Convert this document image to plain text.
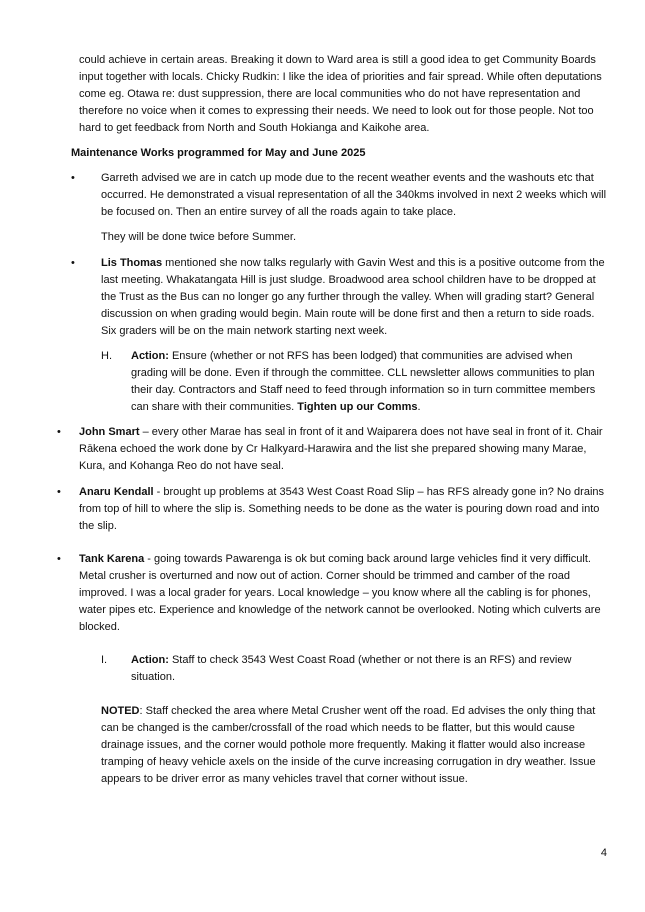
could achieve in certain areas. Breaking it down to Ward area is still a good idea to get Community Boards input together with locals. Chicky Rudkin: I like the idea of priorities and fair spread. While often deputations come eg. Otawa re: dust suppression, there are local communities who do not have representation and therefore no voice when it comes to expressing their needs. We need to look out for those people. Not too hard to get feedback from North and South Hokianga and Kaikohe area.

Maintenance Works programmed for May and June 2025

• Garreth advised we are in catch up mode due to the recent weather events and the washouts etc that occurred. He demonstrated a visual representation of all the 340kms involved in next 2 weeks which will be focused on. Then an entire survey of all the roads again to take place.

They will be done twice before Summer.

• Lis Thomas mentioned she now talks regularly with Gavin West and this is a positive outcome from the last meeting. Whakatangata Hill is just sludge. Broadwood area school children have to be dropped at the Trust as the Bus can no longer go any further through the valley. When will grading start? General discussion on when grading would begin. Main route will be done first and then a return to side roads. Six graders will be on the main network starting next week.

H. Action: Ensure (whether or not RFS has been lodged) that communities are advised when grading will be done. Even if through the committee. CLL newsletter allows communities to plan their day. Contractors and Staff need to feed through information so in turn committee members can share with their communities. Tighten up our Comms.

• John Smart – every other Marae has seal in front of it and Waiparera does not have seal in front of it. Chair Rākena echoed the work done by Cr Halkyard-Harawira and the list she prepared showing many Marae, Kura, and Kohanga Reo do not have seal.

• Anaru Kendall - brought up problems at 3543 West Coast Road Slip – has RFS already gone in? No drains from top of hill to where the slip is. Something needs to be done as the water is pouring down road and into the slip.

• Tank Karena - going towards Pawarenga is ok but coming back around large vehicles find it very difficult. Metal crusher is overturned and now out of action. Corner should be trimmed and camber of the road improved. I was a local grader for years. Local knowledge – you know where all the cabling is for phones, water pipes etc. Experience and knowledge of the network cannot be overlooked. Noting which culverts are blocked.

I. Action: Staff to check 3543 West Coast Road (whether or not there is an RFS) and review situation.

NOTED: Staff checked the area where Metal Crusher went off the road. Ed advises the only thing that can be changed is the camber/crossfall of the road which needs to be flatter, but this would cause drainage issues, and the corner would pothole more frequently. Making it flatter would also increase tramping of heavy vehicle axels on the inside of the curve increasing corrugation in dry weather. Issue appears to be driver error as many vehicles travel that corner without issue.

4
